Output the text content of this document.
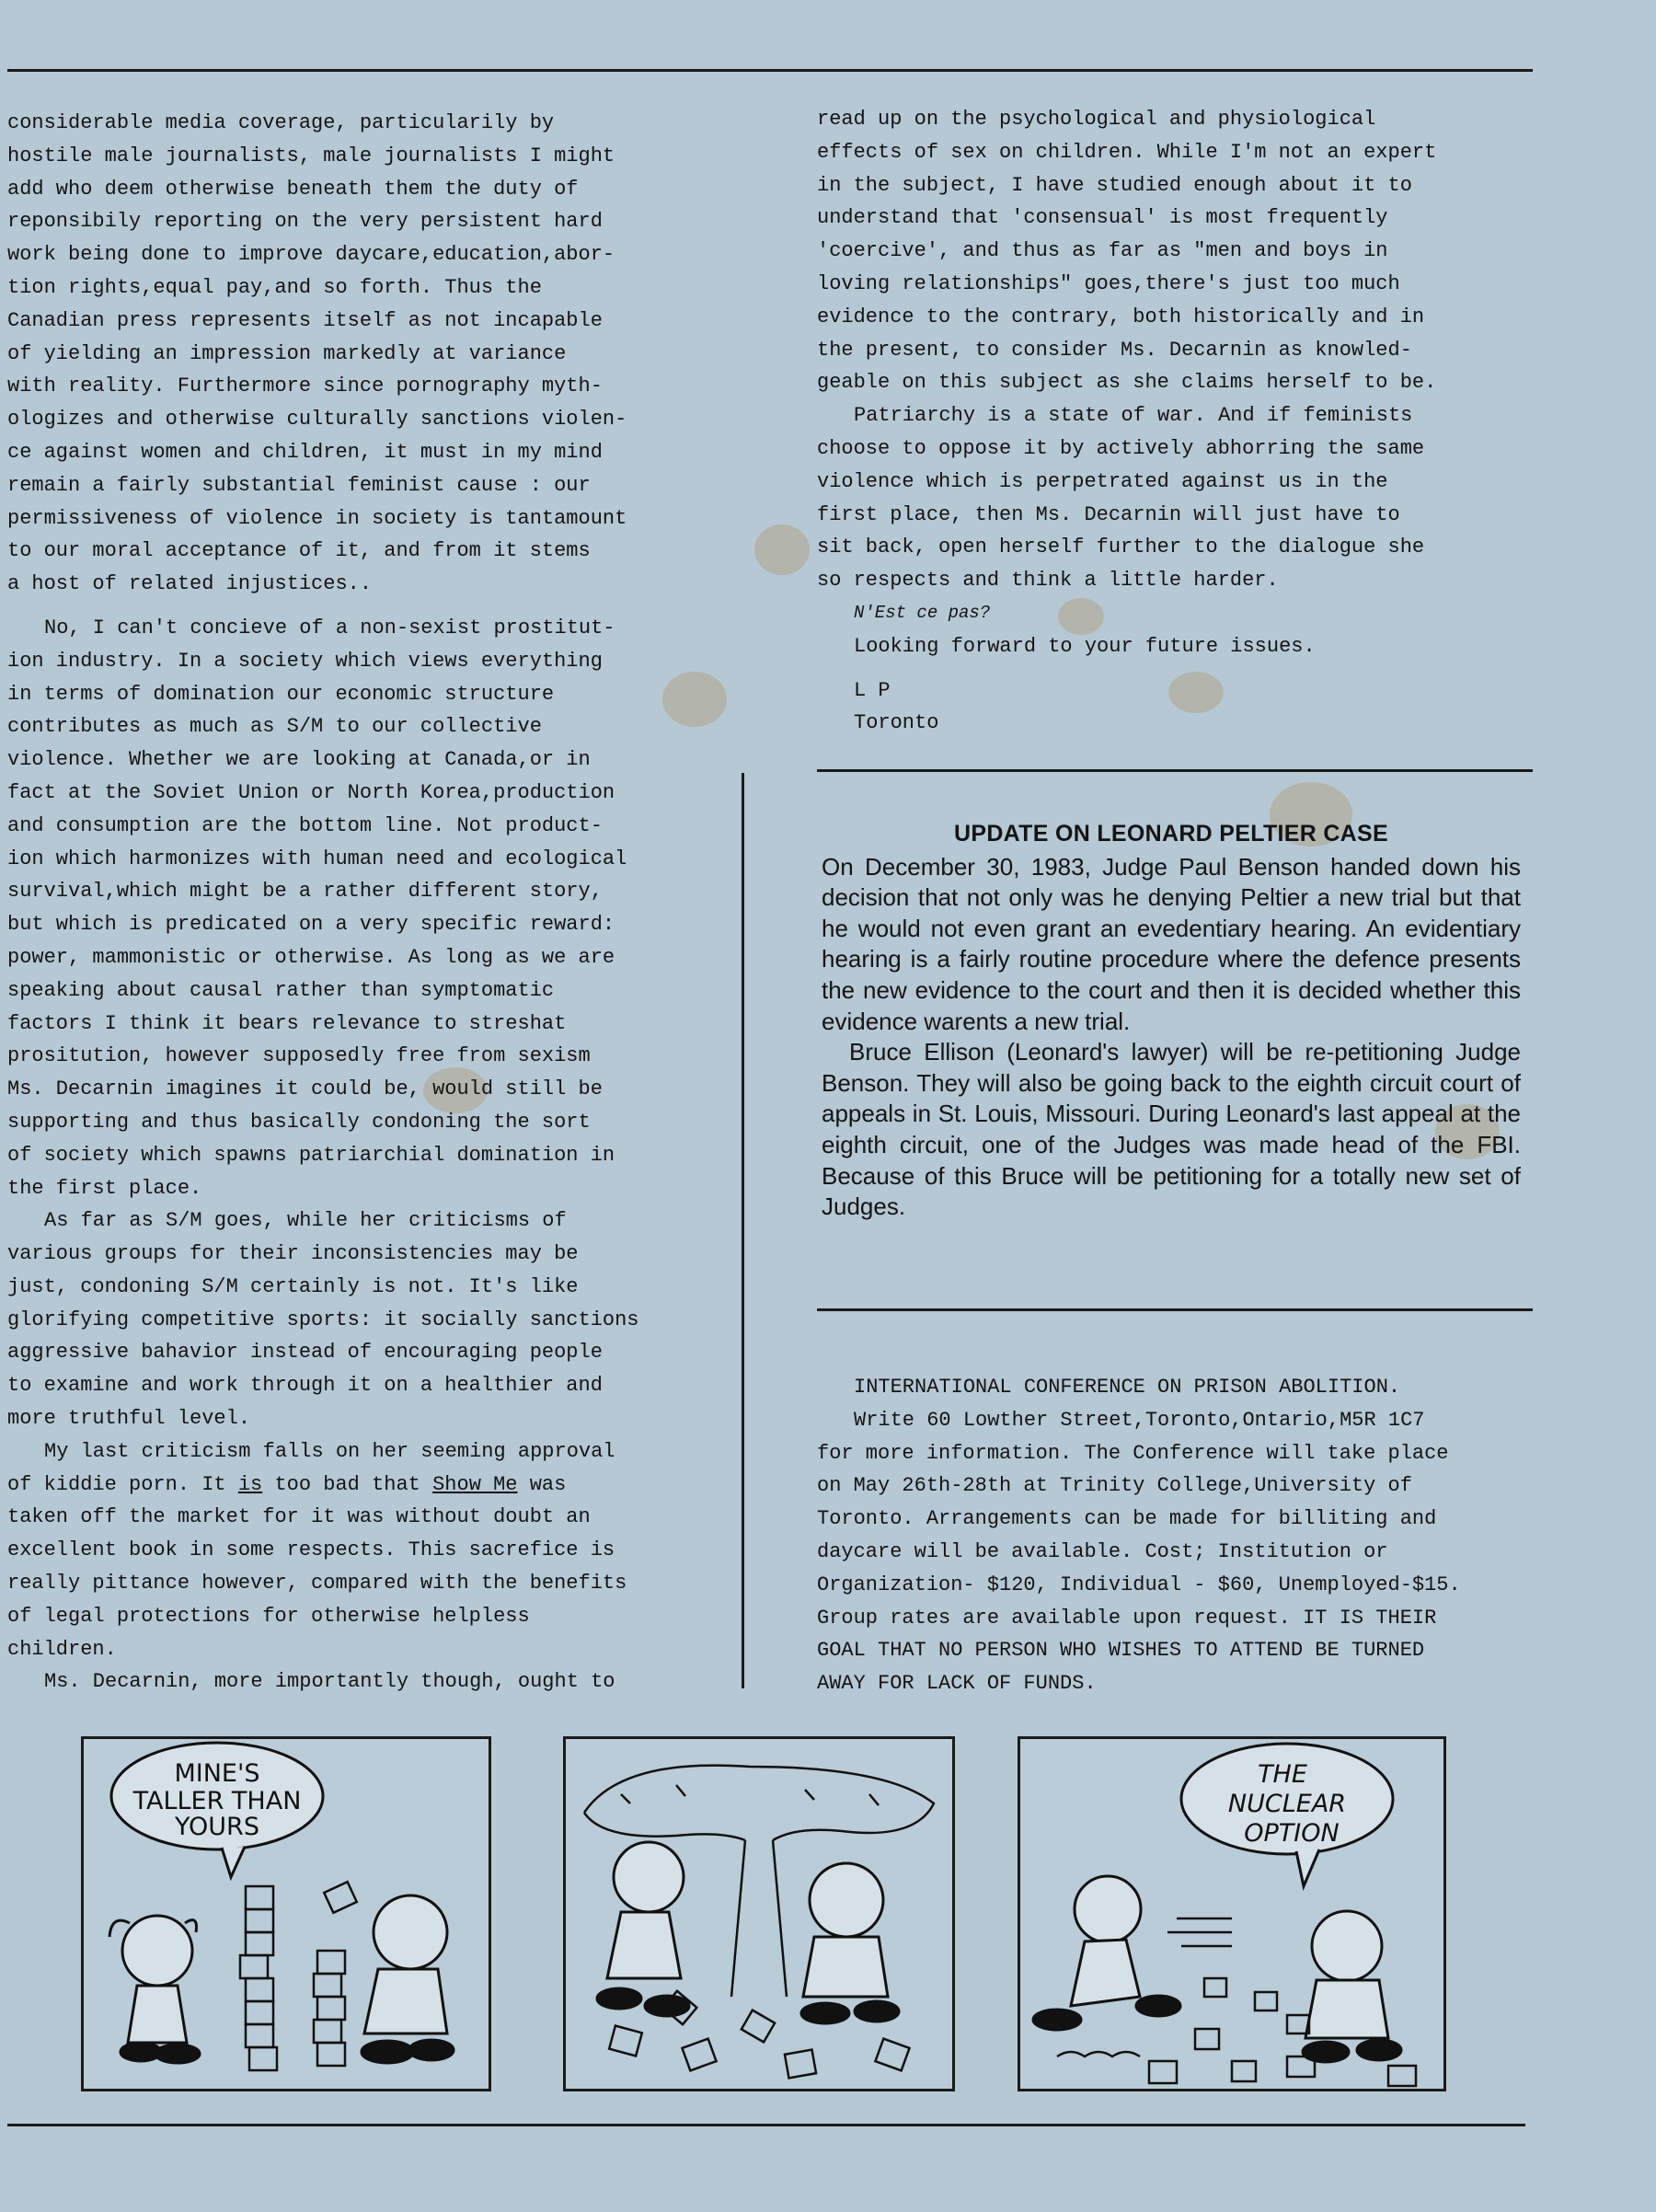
considerable media coverage, particularily by

hostile male journalists, male journalists I might

add who deem otherwise beneath them the duty of

reponsibily reporting on the very persistent hard

work being done to improve daycare,education,abor-

tion rights,equal pay,and so forth. Thus the

Canadian press represents itself as not incapable

of yielding an impression markedly at variance

with reality. Furthermore since pornography myth-

ologizes and otherwise culturally sanctions violen-

ce against women and children, it must in my mind

remain a fairly substantial feminist cause : our

permissiveness of violence in society is tantamount

to our moral acceptance of it, and from it stems

a host of related injustices..

No, I can't concieve of a non-sexist prostitut-

ion industry. In a society which views everything

in terms of domination our economic structure

contributes as much as S/M to our collective

violence. Whether we are looking at Canada,or in

fact at the Soviet Union or North Korea,production

and consumption are the bottom line. Not product-

ion which harmonizes with human need and ecological

survival,which might be a rather different story,

but which is predicated on a very specific reward:

power, mammonistic or otherwise. As long as we are

speaking about causal rather than symptomatic

factors I think it bears relevance to streshat

prositution, however supposedly free from sexism

Ms. Decarnin imagines it could be, would still be

supporting and thus basically condoning the sort

of society which spawns patriarchial domination in

the first place.

As far as S/M goes, while her criticisms of

various groups for their inconsistencies may be

just, condoning S/M certainly is not. It's like

glorifying competitive sports: it socially sanctions

aggressive bahavior instead of encouraging people

to examine and work through it on a healthier and

more truthful level.

My last criticism falls on her seeming approval

of kiddie porn. It is too bad that Show Me was

taken off the market for it was without doubt an

excellent book in some respects. This sacrefice is

really pittance however, compared with the benefits

of legal protections for otherwise helpless

children.

Ms. Decarnin, more importantly though, ought to

read up on the psychological and physiological

effects of sex on children. While I'm not an expert

in the subject, I have studied enough about it to

understand that 'consensual' is most frequently

'coercive', and thus as far as "men and boys in

loving relationships" goes,there's just too much

evidence to the contrary, both historically and in

the present, to consider Ms. Decarnin as knowled-

geable on this subject as she claims herself to be.

Patriarchy is a state of war. And if feminists

choose to oppose it by actively abhorring the same

violence which is perpetrated against us in the

first place, then Ms. Decarnin will just have to

sit back, open herself further to the dialogue she

so respects and think a little harder.

N'Est ce pas?

Looking forward to your future issues.

L P

Toronto

UPDATE ON LEONARD PELTIER CASE

On December 30, 1983, Judge Paul Benson handed down his decision that not only was he denying Peltier a new trial but that he would not even grant an evedentiary hearing. An evidentiary hearing is a fairly routine procedure where the defence presents the new evidence to the court and then it is decided whether this evidence warents a new trial.

Bruce Ellison (Leonard's lawyer) will be re-petitioning Judge Benson. They will also be going back to the eighth circuit court of appeals in St. Louis, Missouri. During Leonard's last appeal at the eighth circuit, one of the Judges was made head of the FBI. Because of this Bruce will be petitioning for a totally new set of Judges.

INTERNATIONAL CONFERENCE ON PRISON ABOLITION.

Write 60 Lowther Street,Toronto,Ontario,M5R 1C7

for more information. The Conference will take place

on May 26th-28th at Trinity College,University of

Toronto. Arrangements can be made for billiting and

daycare will be available. Cost; Institution or

Organization- $120, Individual - $60, Unemployed-$15.

Group rates are available upon request. IT IS THEIR

GOAL THAT NO PERSON WHO WISHES TO ATTEND BE TURNED

AWAY FOR LACK OF FUNDS.

MINE'S
TALLER THAN
YOURS
THE
NUCLEAR
OPTION
